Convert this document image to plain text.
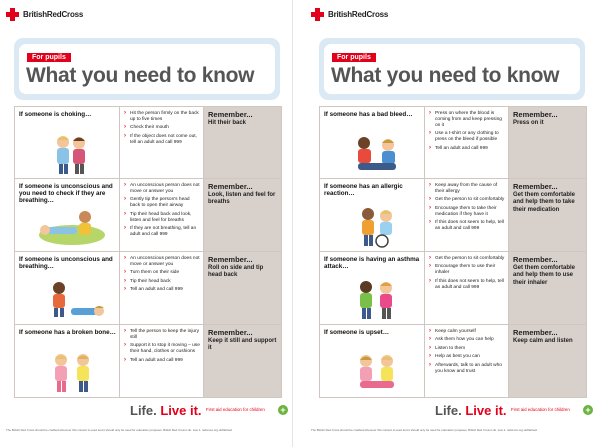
BritishRedCross
For pupils
What you need to know
If someone is choking…	› Hit the person firmly on the back up to five times
› Check their mouth
› If the object does not come out, tell an adult and call 999
Remember...
Hit their back
If someone is unconscious and you need to check if they are breathing…
› An unconscious person does not move or answer you
› Gently tip the person's head back to open their airway
› Tip their head back and look, listen and feel for breaths
› If they are not breathing, tell an adult and call 999
Remember...
Look, listen and feel for breaths
If someone is unconscious and breathing…
› An unconscious person does not move or answer you
› Turn them on their side
› Tip their head back
› Tell an adult and call 999
Remember...
Roll on side and tip head back
If someone has a broken bone…	› Tell the person to keep the injury still
› Support it to stop it moving – use their hand, clothes or cushions
› Tell an adult and call 999
Remember...
Keep it still and support it
Life. Live it. First aid education for children +
The British Red Cross should be credited wherever this content is used and it should only be used for education purposes. British Red Cross Life. Live it. redcross.org.uk/lifeliveit
BritishRedCross
For pupils
What you need to know
If someone has a bad bleed…	› Press on where the blood is coming from and keep pressing on it
› Use a t-shirt or any clothing to press on the bleed if possible
› Tell an adult and call 999
Remember...
Press on it
If someone has an allergic reaction…
› Keep away from the cause of their allergy
› Get the person to sit comfortably
› Encourage them to take their medication if they have it
› If this does not seem to help, tell an adult and call 999
Remember...
Get them comfortable and help them to take their medication
If someone is having an asthma attack…
› Get the person to sit comfortably
› Encourage them to use their inhaler
› If this does not seem to help, tell an adult and call 999
Remember...
Get them comfortable and help them to use their inhaler
If someone is upset…	› Keep calm yourself
› Ask them how you can help
› Listen to them
› Help as best you can
› Afterwards, talk to an adult who you know and trust
Remember...
Keep calm and listen
Life. Live it. First aid education for children +
The British Red Cross should be credited wherever this content is used and it should only be used for education purposes. British Red Cross Life. Live it. redcross.org.uk/lifeliveit
